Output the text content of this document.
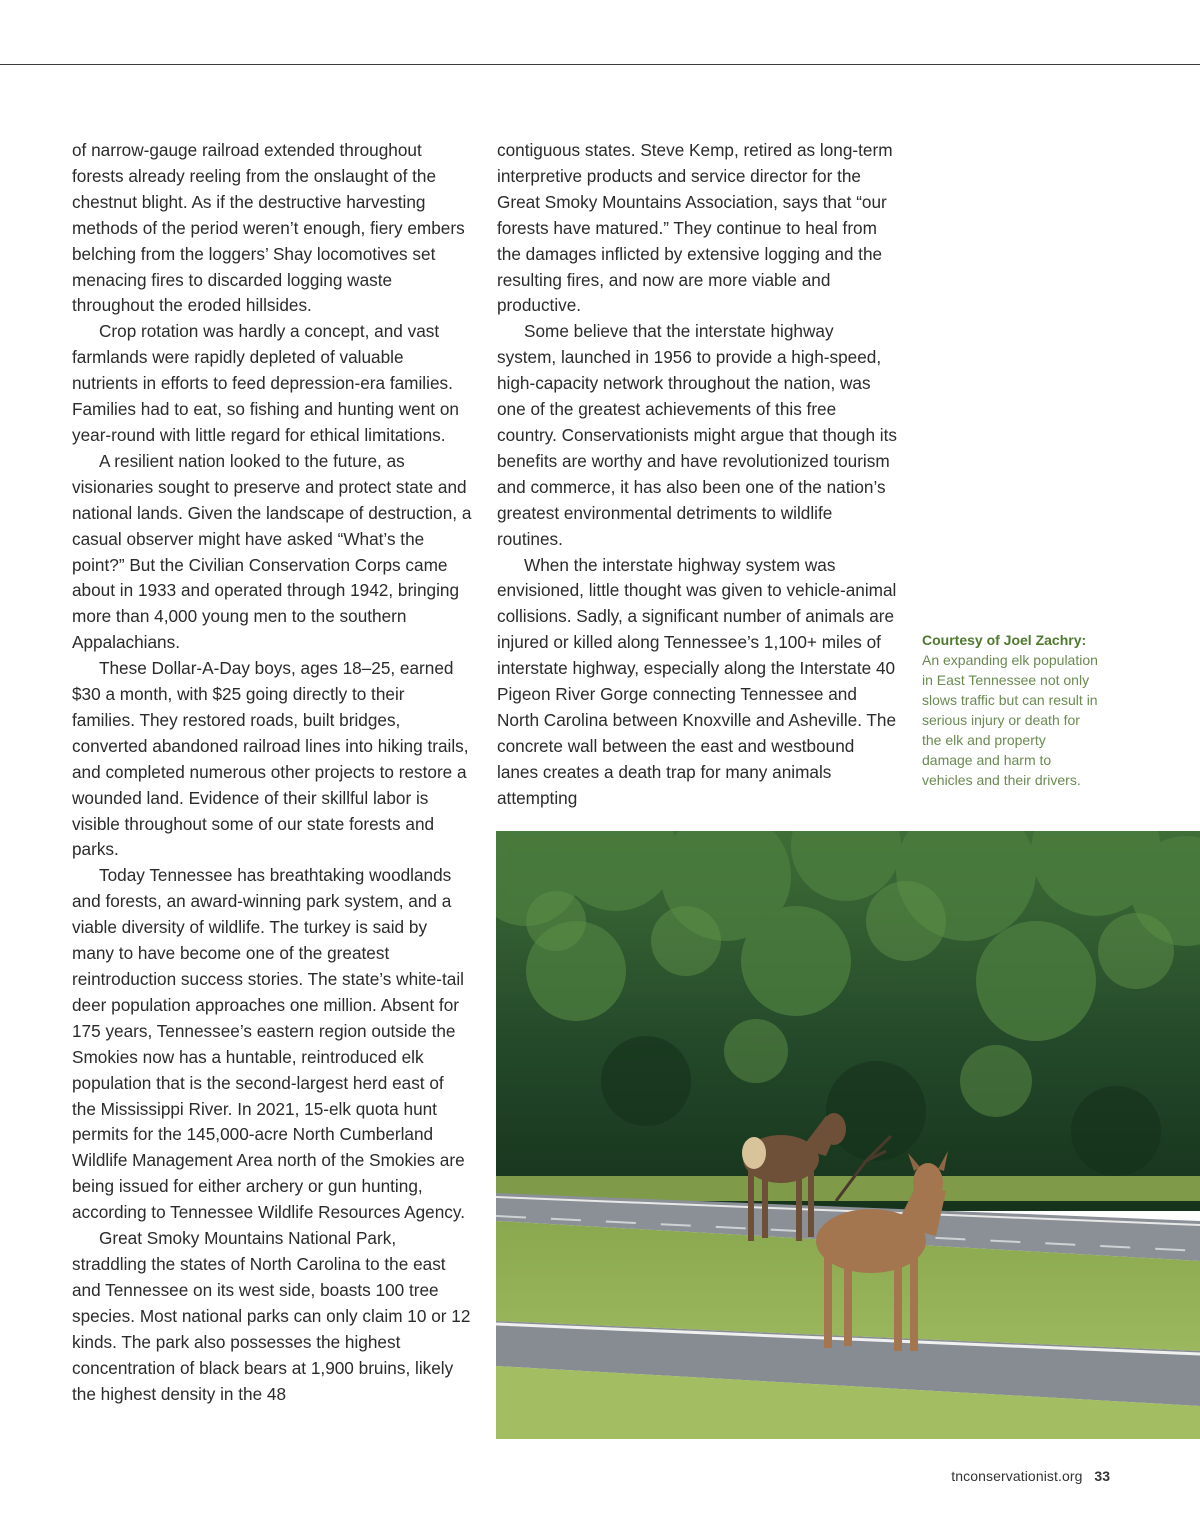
of narrow-gauge railroad extended throughout forests already reeling from the onslaught of the chestnut blight. As if the destructive harvesting methods of the period weren’t enough, fiery embers belching from the loggers’ Shay locomotives set menacing fires to discarded logging waste throughout the eroded hillsides.

Crop rotation was hardly a concept, and vast farmlands were rapidly depleted of valuable nutrients in efforts to feed depression-era families. Families had to eat, so fishing and hunting went on year-round with little regard for ethical limitations.

A resilient nation looked to the future, as visionaries sought to preserve and protect state and national lands. Given the landscape of destruction, a casual observer might have asked “What’s the point?” But the Civilian Conservation Corps came about in 1933 and operated through 1942, bringing more than 4,000 young men to the southern Appalachians.

These Dollar-A-Day boys, ages 18–25, earned $30 a month, with $25 going directly to their families. They restored roads, built bridges, converted abandoned railroad lines into hiking trails, and completed numerous other projects to restore a wounded land. Evidence of their skillful labor is visible throughout some of our state forests and parks.

Today Tennessee has breathtaking woodlands and forests, an award-winning park system, and a viable diversity of wildlife. The turkey is said by many to have become one of the greatest reintroduction success stories. The state’s white-tail deer population approaches one million. Absent for 175 years, Tennessee’s eastern region outside the Smokies now has a huntable, reintroduced elk population that is the second-largest herd east of the Mississippi River. In 2021, 15-elk quota hunt permits for the 145,000-acre North Cumberland Wildlife Management Area north of the Smokies are being issued for either archery or gun hunting, according to Tennessee Wildlife Resources Agency.

Great Smoky Mountains National Park, straddling the states of North Carolina to the east and Tennessee on its west side, boasts 100 tree species. Most national parks can only claim 10 or 12 kinds. The park also possesses the highest concentration of black bears at 1,900 bruins, likely the highest density in the 48

contiguous states. Steve Kemp, retired as long-term interpretive products and service director for the Great Smoky Mountains Association, says that “our forests have matured.” They continue to heal from the damages inflicted by extensive logging and the resulting fires, and now are more viable and productive.

Some believe that the interstate highway system, launched in 1956 to provide a high-speed, high-capacity network throughout the nation, was one of the greatest achievements of this free country. Conservationists might argue that though its benefits are worthy and have revolutionized tourism and commerce, it has also been one of the nation’s greatest environmental detriments to wildlife routines.

When the interstate highway system was envisioned, little thought was given to vehicle-animal collisions. Sadly, a significant number of animals are injured or killed along Tennessee’s 1,100+ miles of interstate highway, especially along the Interstate 40 Pigeon River Gorge connecting Tennessee and North Carolina between Knoxville and Asheville. The concrete wall between the east and westbound lanes creates a death trap for many animals attempting

Courtesy of Joel Zachry: An expanding elk population in East Tennessee not only slows traffic but can result in serious injury or death for the elk and property damage and harm to vehicles and their drivers.
tnconservationist.org 33
